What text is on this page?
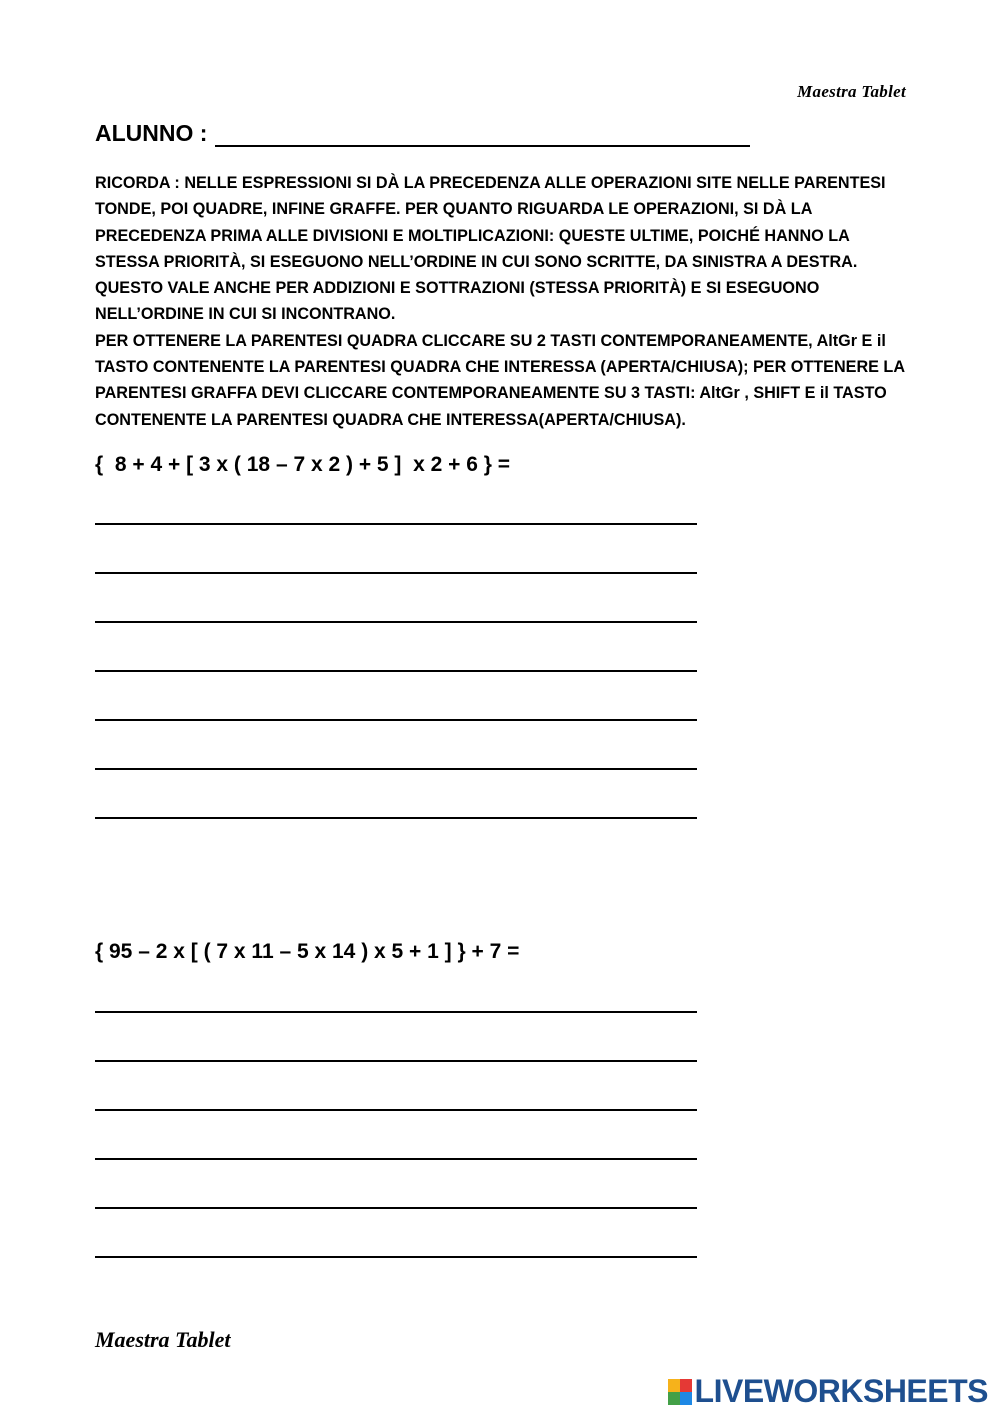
Maestra Tablet
ALUNNO :

RICORDA : NELLE ESPRESSIONI SI DÀ LA PRECEDENZA ALLE OPERAZIONI SITE NELLE PARENTESI TONDE, POI QUADRE, INFINE GRAFFE. PER QUANTO RIGUARDA LE OPERAZIONI, SI DÀ LA PRECEDENZA PRIMA ALLE DIVISIONI E MOLTIPLICAZIONI: QUESTE ULTIME, POICHÉ HANNO LA STESSA PRIORITÀ, SI ESEGUONO NELL’ORDINE IN CUI SONO SCRITTE, DA SINISTRA A DESTRA. QUESTO VALE ANCHE PER ADDIZIONI E SOTTRAZIONI (STESSA PRIORITÀ) E SI ESEGUONO NELL’ORDINE IN CUI SI INCONTRANO.

PER OTTENERE LA PARENTESI QUADRA CLICCARE SU 2 TASTI CONTEMPORANEAMENTE, AltGr E il TASTO CONTENENTE LA PARENTESI QUADRA CHE INTERESSA (APERTA/CHIUSA); PER OTTENERE LA PARENTESI GRAFFA DEVI CLICCARE CONTEMPORANEAMENTE SU 3 TASTI: AltGr , SHIFT E il TASTO CONTENENTE LA PARENTESI QUADRA CHE INTERESSA(APERTA/CHIUSA).

{  8 + 4 + [ 3 x ( 18 – 7 x 2 ) + 5 ]  x 2 + 6 } =
{ 95 – 2 x [ ( 7 x 11 – 5 x 14 ) x 5 + 1 ] } + 7 =
Maestra Tablet
LIVEWORKSHEETS
